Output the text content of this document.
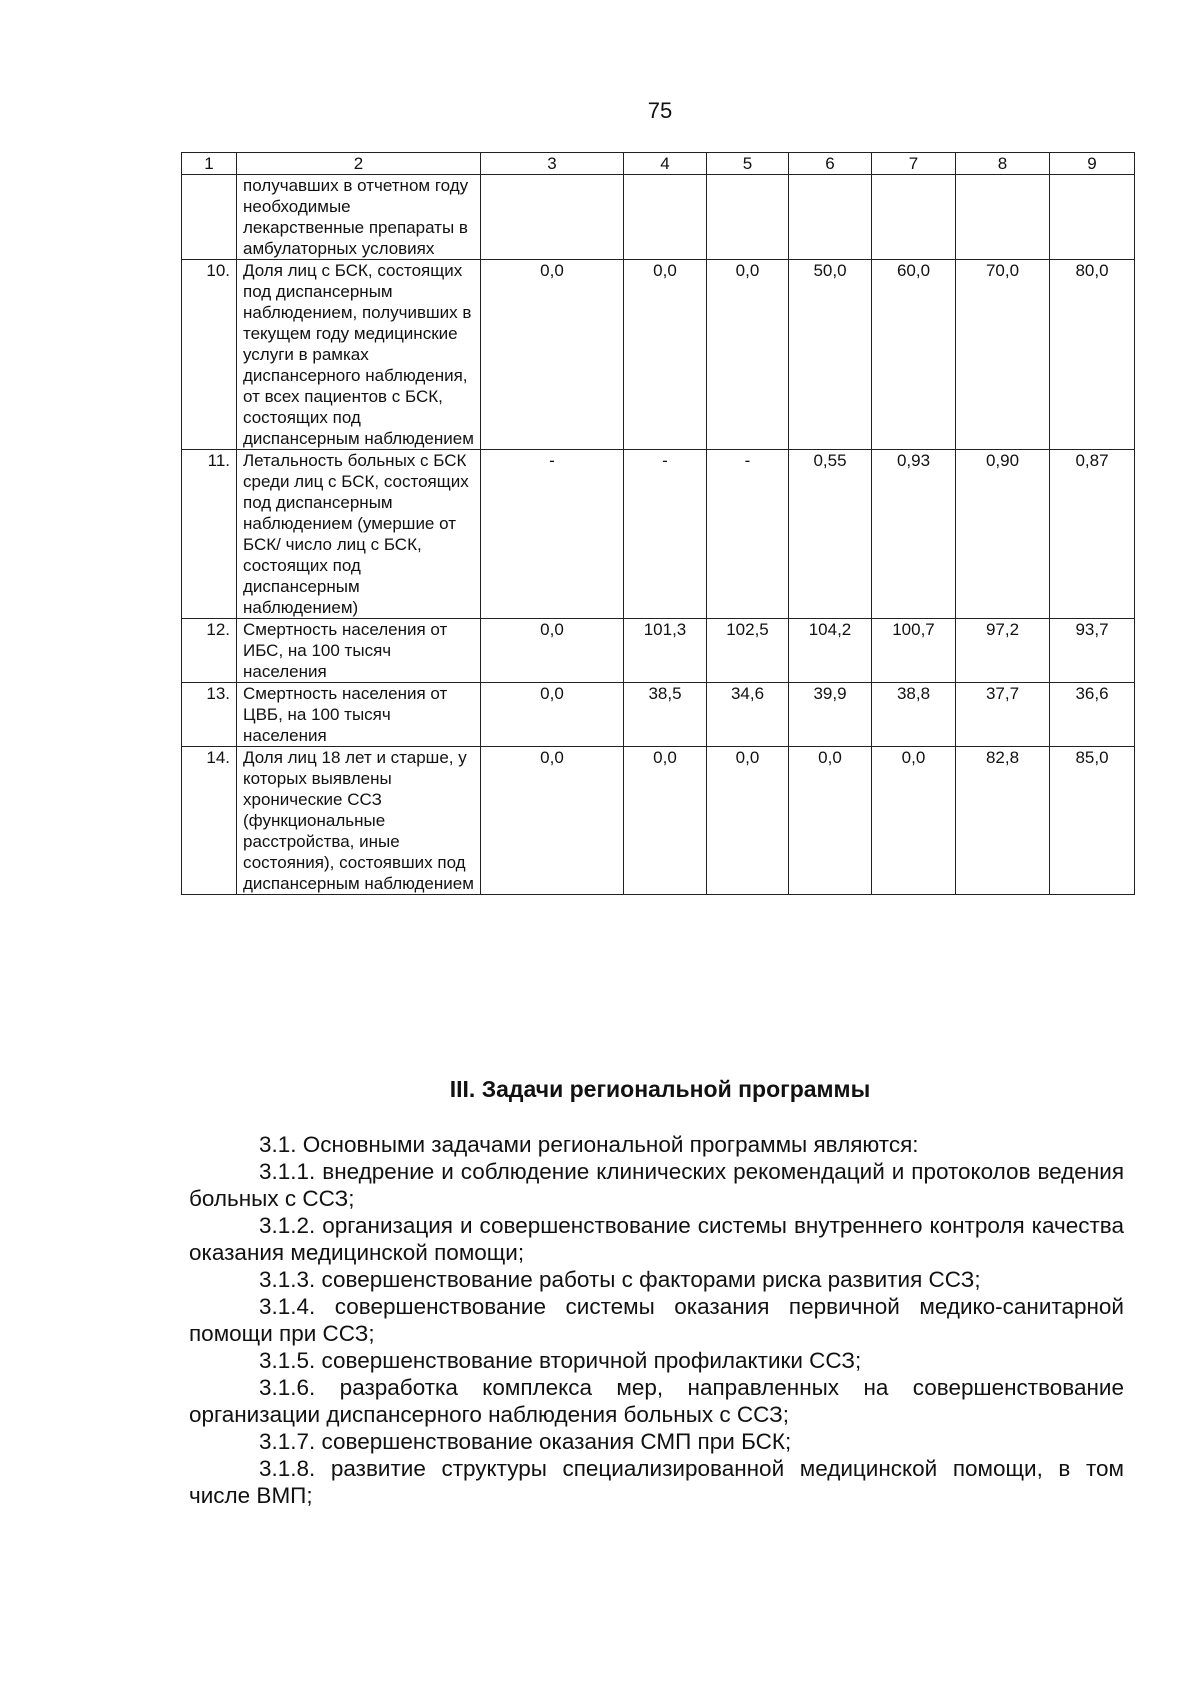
75
1	2	3	4	5	6	7	8	9
	получавших в отчетном году необходимые лекарственные препараты в амбулаторных условиях							
10.	Доля лиц с БСК, состоящих под диспансерным наблюдением, получивших в текущем году медицинские услуги в рамках диспансерного наблюдения, от всех пациентов с БСК, состоящих под диспансерным наблюдением	0,0	0,0	0,0	50,0	60,0	70,0	80,0
11.	Летальность больных с БСК среди лиц с БСК, состоящих под диспансерным наблюдением (умершие от БСК/ число лиц с БСК, состоящих под диспансерным наблюдением)	-	-	-	0,55	0,93	0,90	0,87
12.	Смертность населения от ИБС, на 100 тысяч населения	0,0	101,3	102,5	104,2	100,7	97,2	93,7
13.	Смертность населения от ЦВБ, на 100 тысяч населения	0,0	38,5	34,6	39,9	38,8	37,7	36,6
14.	Доля лиц 18 лет и старше, у которых выявлены хронические ССЗ (функциональные расстройства, иные состояния), состоявших под диспансерным наблюдением	0,0	0,0	0,0	0,0	0,0	82,8	85,0
III. Задачи региональной программы

3.1. Основными задачами региональной программы являются:

3.1.1. внедрение и соблюдение клинических рекомендаций и протоколов ведения больных с ССЗ;

3.1.2. организация и совершенствование системы внутреннего контроля качества оказания медицинской помощи;

3.1.3. совершенствование работы с факторами риска развития ССЗ;

3.1.4. совершенствование системы оказания первичной медико-санитарной помощи при ССЗ;

3.1.5. совершенствование вторичной профилактики ССЗ;

3.1.6. разработка комплекса мер, направленных на совершенствование организации диспансерного наблюдения больных с ССЗ;

3.1.7. совершенствование оказания СМП при БСК;

3.1.8. развитие структуры специализированной медицинской помощи, в том числе ВМП;
